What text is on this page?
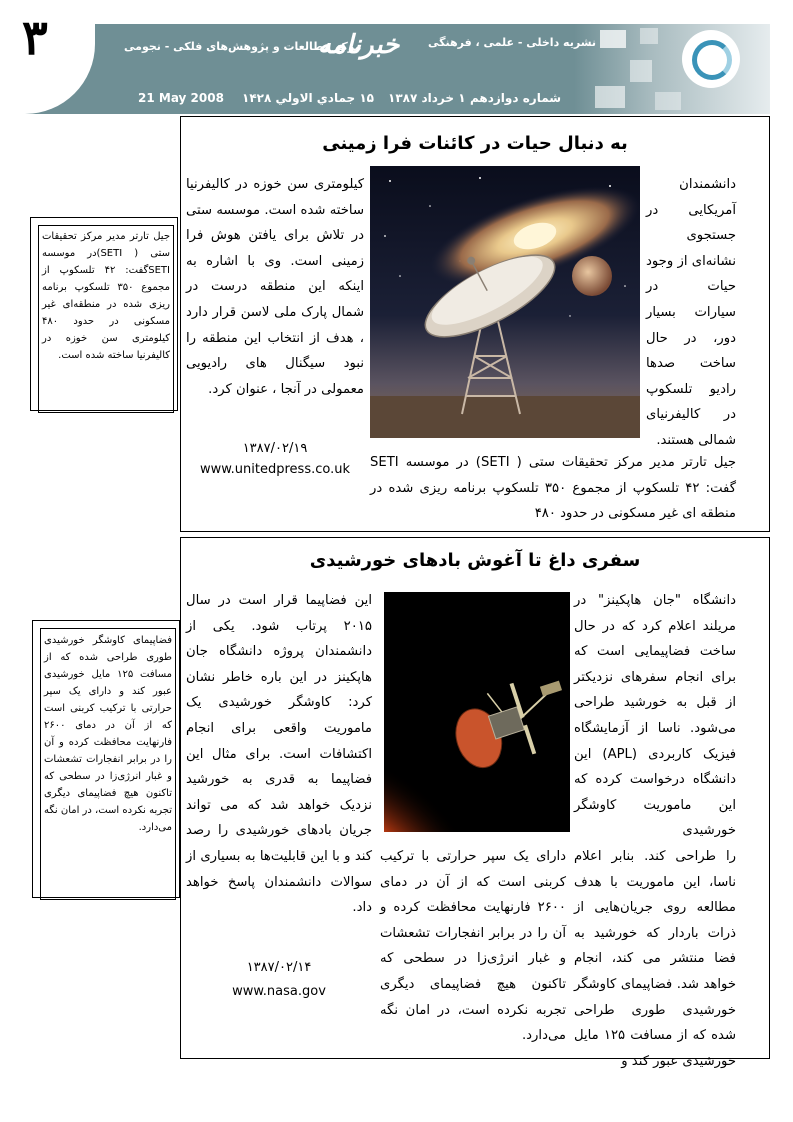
۳	خبرنامه
مرکز مطالعات و پژوهش‌های فلکی - نجومی	نشریه داخلی - علمی ، فرهنگی
شماره دوازدهم
۱ خرداد ۱۳۸۷
۱۵ جمادي الاولي ۱۴۲۸
21 May 2008
به دنبال حیات در کائنات فرا زمینی
دانشمندان آمریکایی در جستجوی نشانه‌ای از وجود حیات در سیارات بسیار دور، در حال ساخت صدها رادیو تلسکوپ در کالیفرنیای شمالی هستند.
کیلومتری سن خوزه در کالیفرنیا ساخته شده است. موسسه ستی در تلاش برای یافتن هوش فرا زمینی است. وی با اشاره به اینکه این منطقه درست در شمال پارک ملی لاسن قرار دارد ، هدف از انتخاب این منطقه را نبود سیگنال های رادیویی معمولی در آنجا ، عنوان کرد.
جیل تارتر مدیر مرکز تحقیقات ستی ( SETI) در موسسه SETI گفت: ۴۲ تلسکوپ از مجموع ۳۵۰ تلسکوپ برنامه ریزی شده در منطقه ای غیر مسکونی در حدود ۴۸۰
۱۳۸۷/۰۲/۱۹
www.unitedpress.co.uk
جیل تارتر مدیر مرکز تحقیقات ستی ( SETI)در موسسه SETIگفت: ۴۲ تلسکوپ از مجموع ۳۵۰ تلسکوپ برنامه ریزی شده در منطقه‌ای غیر مسکونی در حدود ۴۸۰ کیلومتری سن خوزه در کالیفرنیا ساخته شده است.
سفری داغ تا آغوش بادهای خورشیدی
دانشگاه "جان هاپکینز" در مریلند اعلام کرد که در حال ساخت فضاپیمایی است که برای انجام سفرهای نزدیکتر از قبل به خورشید طراحی می‌شود. ناسا از آزمایشگاه فیزیک کاربردی (APL) این دانشگاه درخواست کرده که این ماموریت کاوشگر خورشیدی
این فضاپیما قرار است در سال ۲۰۱۵ پرتاب شود. یکی از دانشمندان پروژه دانشگاه جان هاپکینز در این باره خاطر نشان کرد: کاوشگر خورشیدی یک ماموریت واقعی برای انجام اکتشافات است. برای مثال این فضاپیما به قدری به خورشید نزدیک خواهد شد که می تواند جریان بادهای خورشیدی را رصد کند و با این قابلیت‌ها به بسیاری از سوالات دانشمندان پاسخ خواهد داد.
را طراحی کند. بنابر اعلام ناسا، این ماموریت با هدف مطالعه روی جریان‌هایی از ذرات باردار که خورشید به فضا منتشر می کند، انجام خواهد شد. فضاپیمای کاوشگر خورشیدی طوری طراحی شده که از مسافت ۱۲۵ مایل خورشیدی عبور کند و
دارای یک سپر حرارتی با ترکیب کربنی است که از آن در دمای ۲۶۰۰ فارنهایت محافظت کرده و آن را در برابر انفجارات تشعشات و غبار انرژی‌زا در سطحی که تاکنون هیچ فضاپیمای دیگری تجربه نکرده است، در امان نگه می‌دارد.
۱۳۸۷/۰۲/۱۴
www.nasa.gov
فضاپیمای کاوشگر خورشیدی طوری طراحی شده که از مسافت ۱۲۵ مایل خورشیدی عبور کند و دارای یک سپر حرارتی با ترکیب کربنی است که از آن در دمای ۲۶۰۰ فارنهایت محافظت کرده و آن را در برابر انفجارات تشعشات و غبار انرژی‌زا در سطحی که تاکنون هیچ فضاپیمای دیگری تجربه نکرده است، در امان نگه می‌دارد.
